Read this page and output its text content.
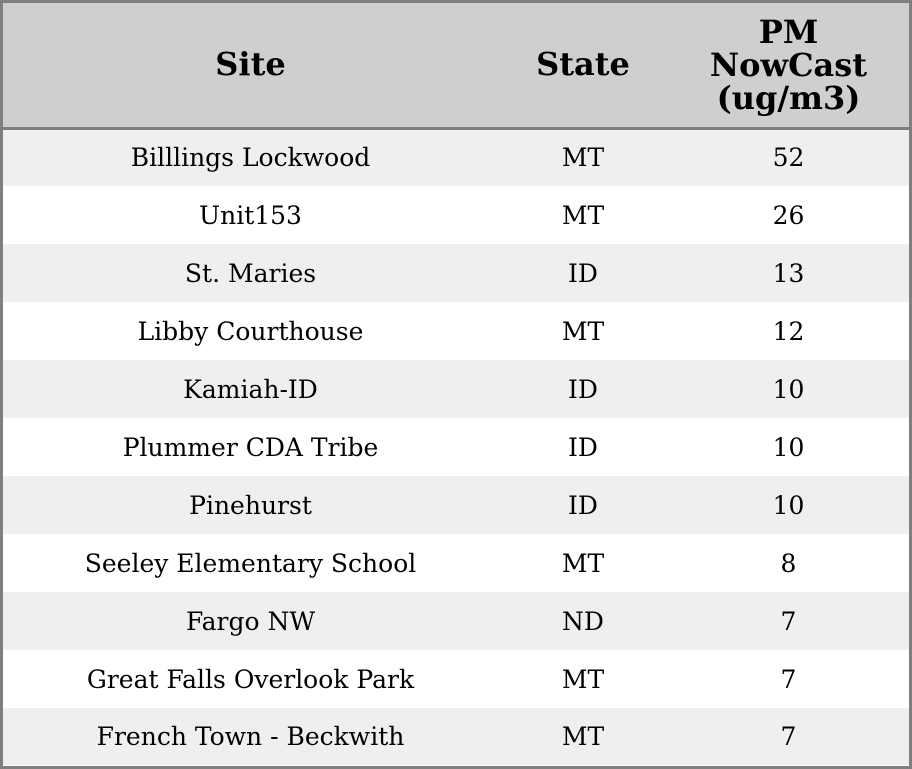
Site	State	PM
NowCast
(ug/m3)
Billlings Lockwood	MT	52
Unit153	MT	26
St. Maries	ID	13
Libby Courthouse	MT	12
Kamiah-ID	ID	10
Plummer CDA Tribe	ID	10
Pinehurst	ID	10
Seeley Elementary School	MT	8
Fargo NW	ND	7
Great Falls Overlook Park	MT	7
French Town - Beckwith	MT	7
